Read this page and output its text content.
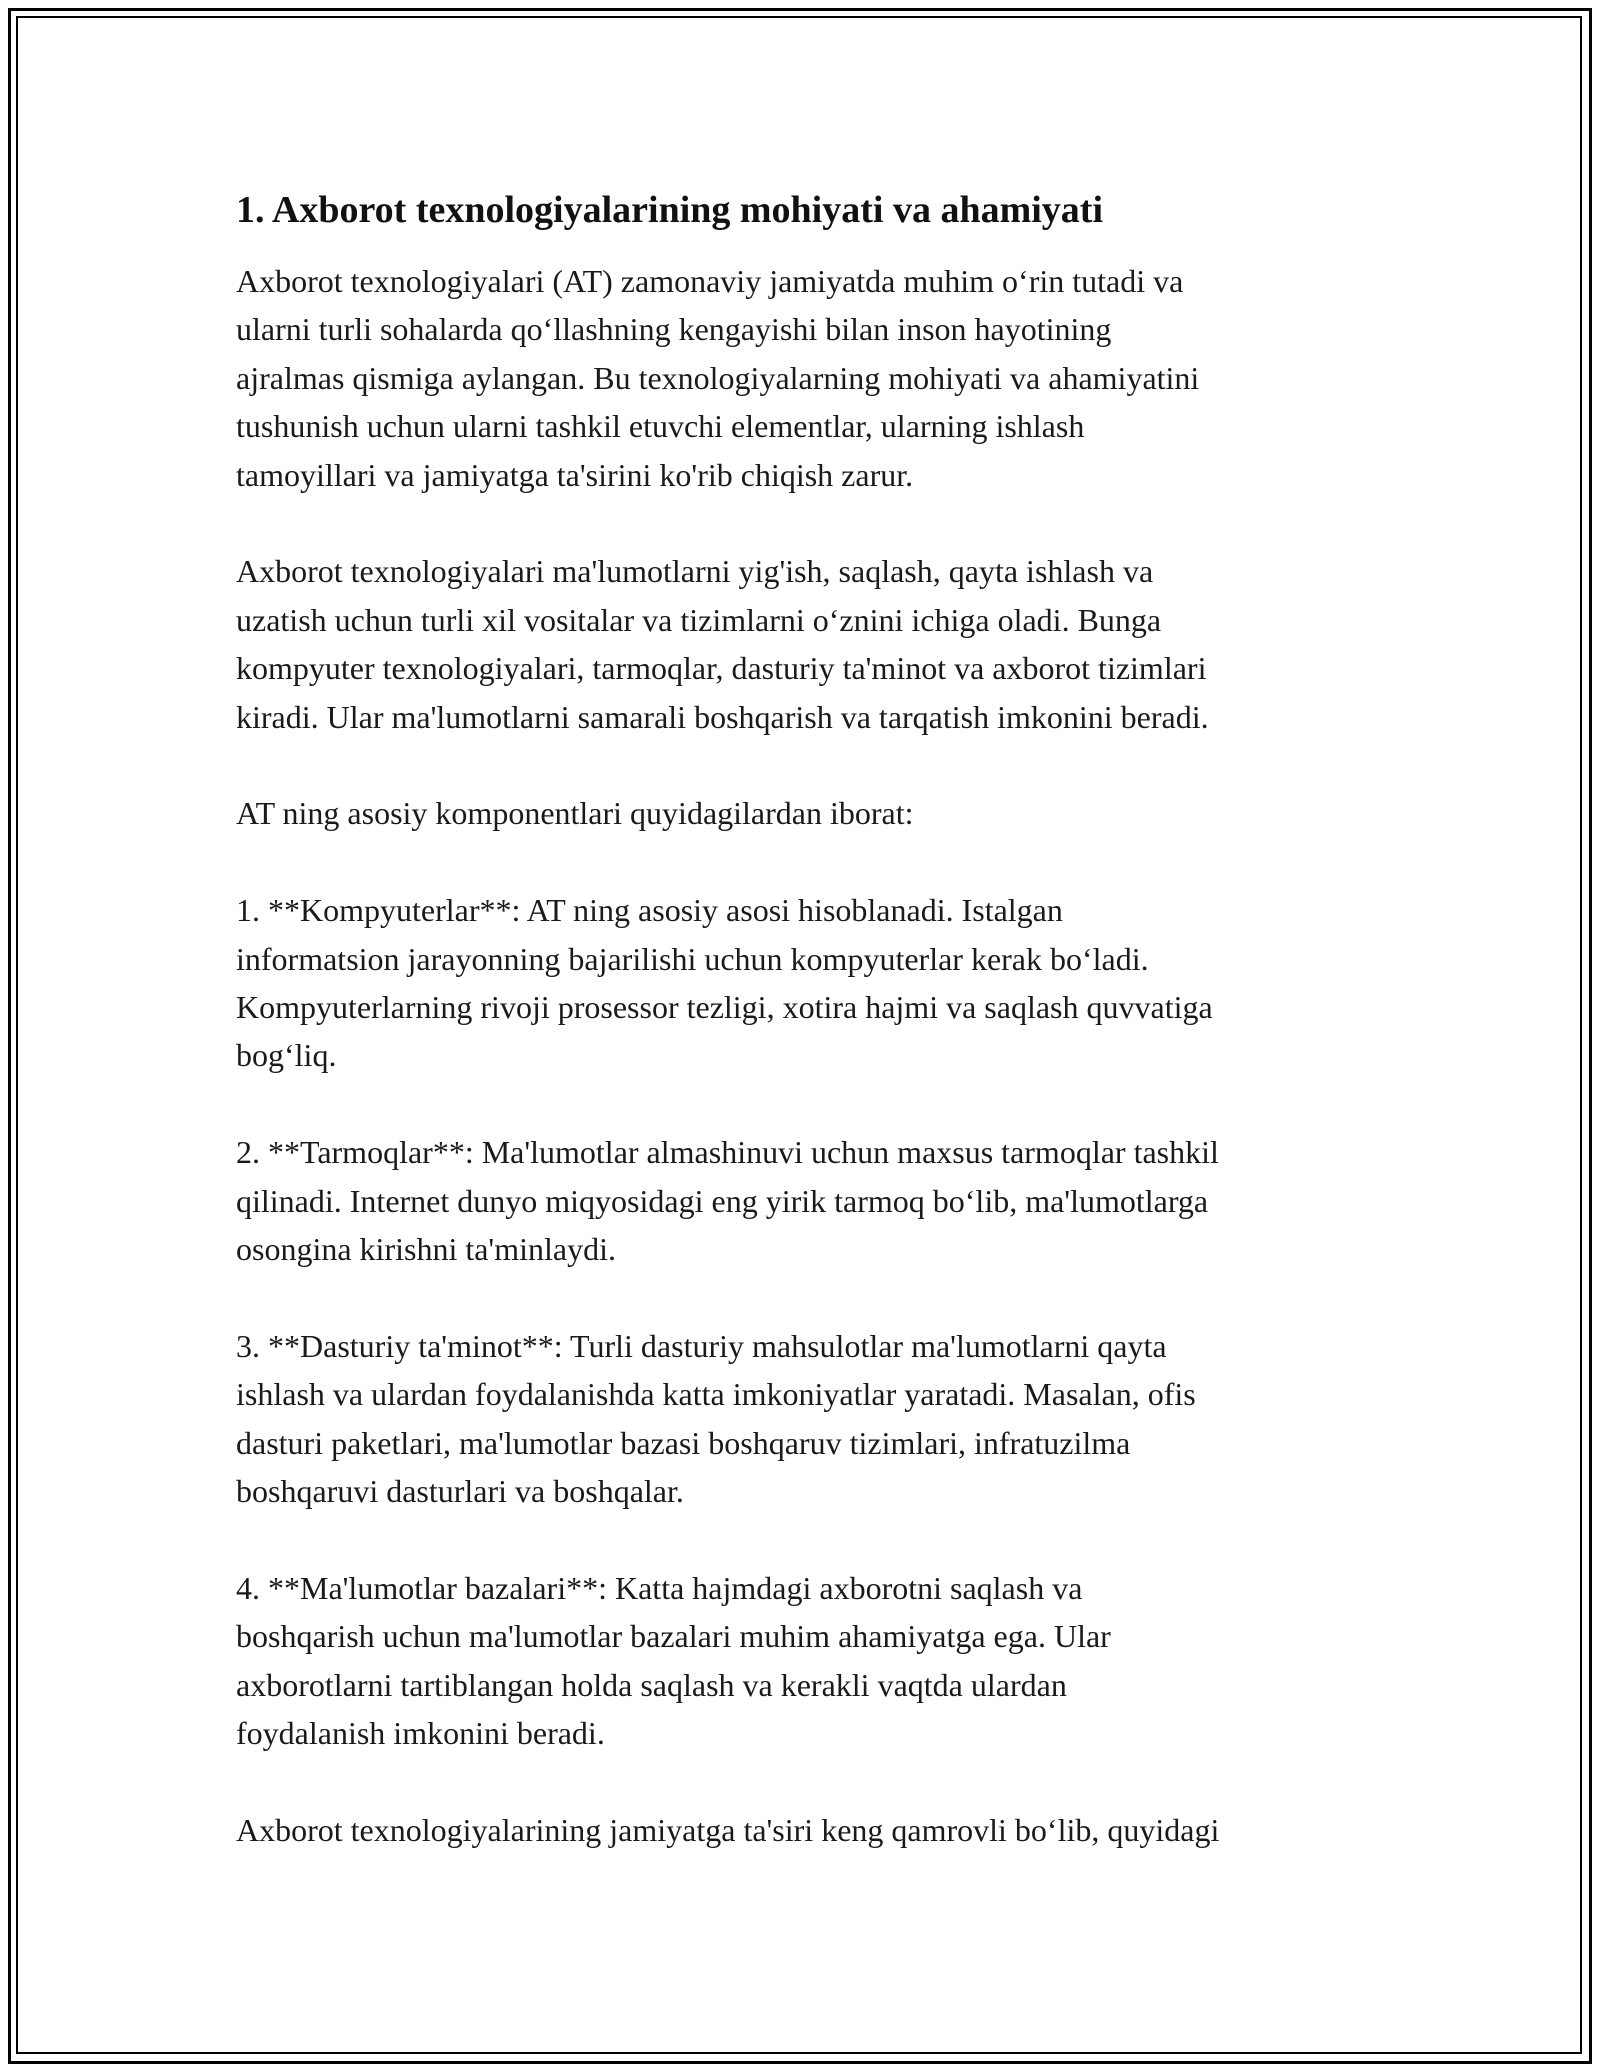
1. Axborot texnologiyalarining mohiyati va ahamiyati

Axborot texnologiyalari (AT) zamonaviy jamiyatda muhim o‘rin tutadi va
ularni turli sohalarda qo‘llashning kengayishi bilan inson hayotining
ajralmas qismiga aylangan. Bu texnologiyalarning mohiyati va ahamiyatini
tushunish uchun ularni tashkil etuvchi elementlar, ularning ishlash
tamoyillari va jamiyatga ta'sirini ko'rib chiqish zarur.

Axborot texnologiyalari ma'lumotlarni yig'ish, saqlash, qayta ishlash va
uzatish uchun turli xil vositalar va tizimlarni o‘znini ichiga oladi. Bunga
kompyuter texnologiyalari, tarmoqlar, dasturiy ta'minot va axborot tizimlari
kiradi. Ular ma'lumotlarni samarali boshqarish va tarqatish imkonini beradi.

AT ning asosiy komponentlari quyidagilardan iborat:

1. **Kompyuterlar**: AT ning asosiy asosi hisoblanadi. Istalgan
informatsion jarayonning bajarilishi uchun kompyuterlar kerak bo‘ladi.
Kompyuterlarning rivoji prosessor tezligi, xotira hajmi va saqlash quvvatiga
bog‘liq.

2. **Tarmoqlar**: Ma'lumotlar almashinuvi uchun maxsus tarmoqlar tashkil
qilinadi. Internet dunyo miqyosidagi eng yirik tarmoq bo‘lib, ma'lumotlarga
osongina kirishni ta'minlaydi.

3. **Dasturiy ta'minot**: Turli dasturiy mahsulotlar ma'lumotlarni qayta
ishlash va ulardan foydalanishda katta imkoniyatlar yaratadi. Masalan, ofis
dasturi paketlari, ma'lumotlar bazasi boshqaruv tizimlari, infratuzilma
boshqaruvi dasturlari va boshqalar.

4. **Ma'lumotlar bazalari**: Katta hajmdagi axborotni saqlash va
boshqarish uchun ma'lumotlar bazalari muhim ahamiyatga ega. Ular
axborotlarni tartiblangan holda saqlash va kerakli vaqtda ulardan
foydalanish imkonini beradi.

Axborot texnologiyalarining jamiyatga ta'siri keng qamrovli bo‘lib, quyidagi
